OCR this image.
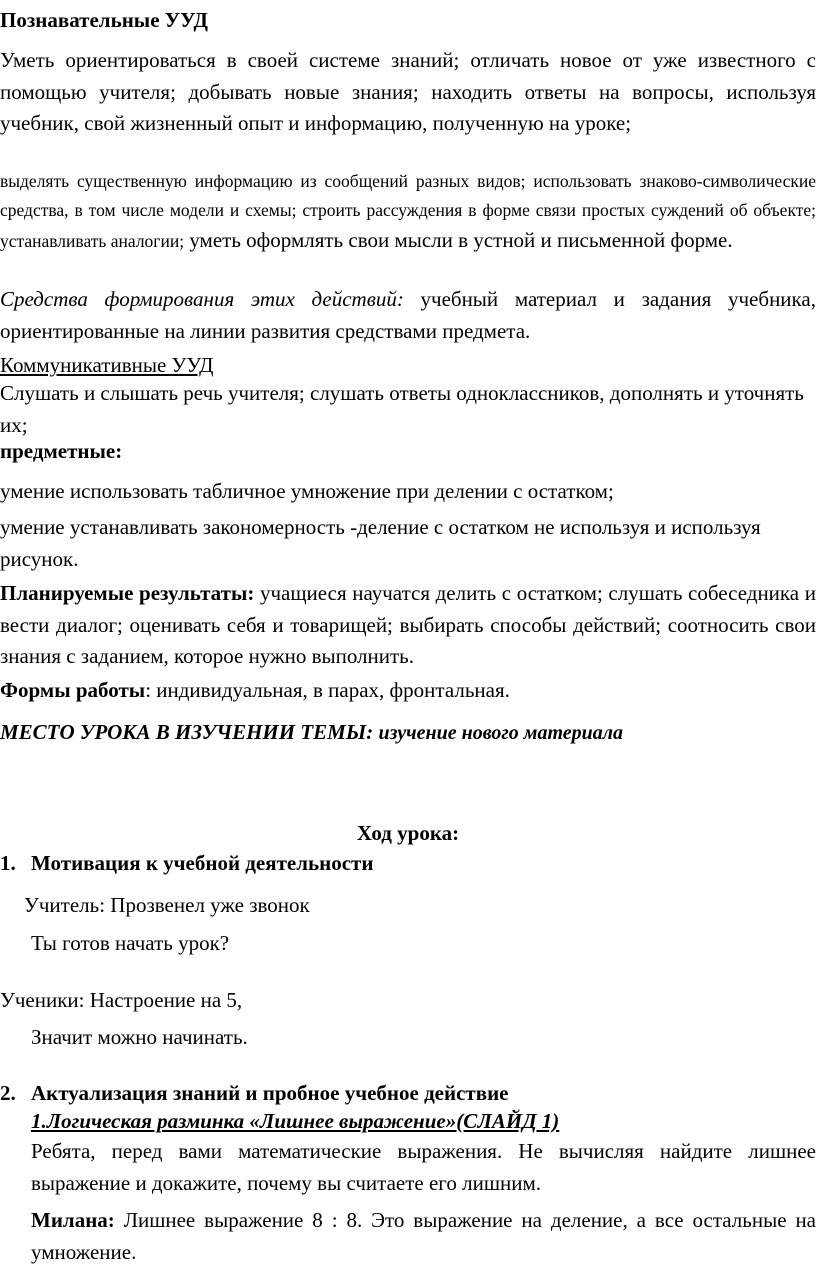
Познавательные УУД
Уметь ориентироваться в своей системе знаний; отличать новое от уже известного с помощью учителя; добывать новые знания; находить ответы на вопросы, используя учебник, свой жизненный опыт и информацию, полученную на уроке;
выделять существенную информацию из сообщений разных видов; использовать знаково-символические средства, в том числе модели и схемы; строить рассуждения в форме связи простых суждений об объекте; устанавливать аналогии; уметь оформлять свои мысли в устной и письменной форме.
Средства формирования этих действий: учебный материал и задания учебника, ориентированные на линии развития средствами предмета.
Коммуникативные УУД
Слушать и слышать речь учителя; слушать ответы одноклассников, дополнять и уточнять их;
предметные:
умение использовать табличное умножение при делении с остатком;
умение устанавливать закономерность -деление с остатком не используя и используя рисунок.
Планируемые результаты: учащиеся научатся делить с остатком; слушать собеседника и вести диалог; оценивать себя и товарищей; выбирать способы действий; соотносить свои знания с заданием, которое нужно выполнить.
Формы работы: индивидуальная, в парах, фронтальная.
МЕСТО УРОКА В ИЗУЧЕНИИ ТЕМЫ: изучение нового материала
Ход урока:
1. Мотивация к учебной деятельности
Учитель: Прозвенел уже звонок
Ты готов начать урок?
Ученики: Настроение на 5,
Значит можно начинать.
2. Актуализация знаний и пробное учебное действие
1.Логическая разминка «Лишнее выражение»(СЛАЙД 1)
Ребята, перед вами математические выражения. Не вычисляя найдите лишнее выражение и докажите, почему вы считаете его лишним.
Милана: Лишнее выражение 8 : 8. Это выражение на деление, а все остальные на умножение.
